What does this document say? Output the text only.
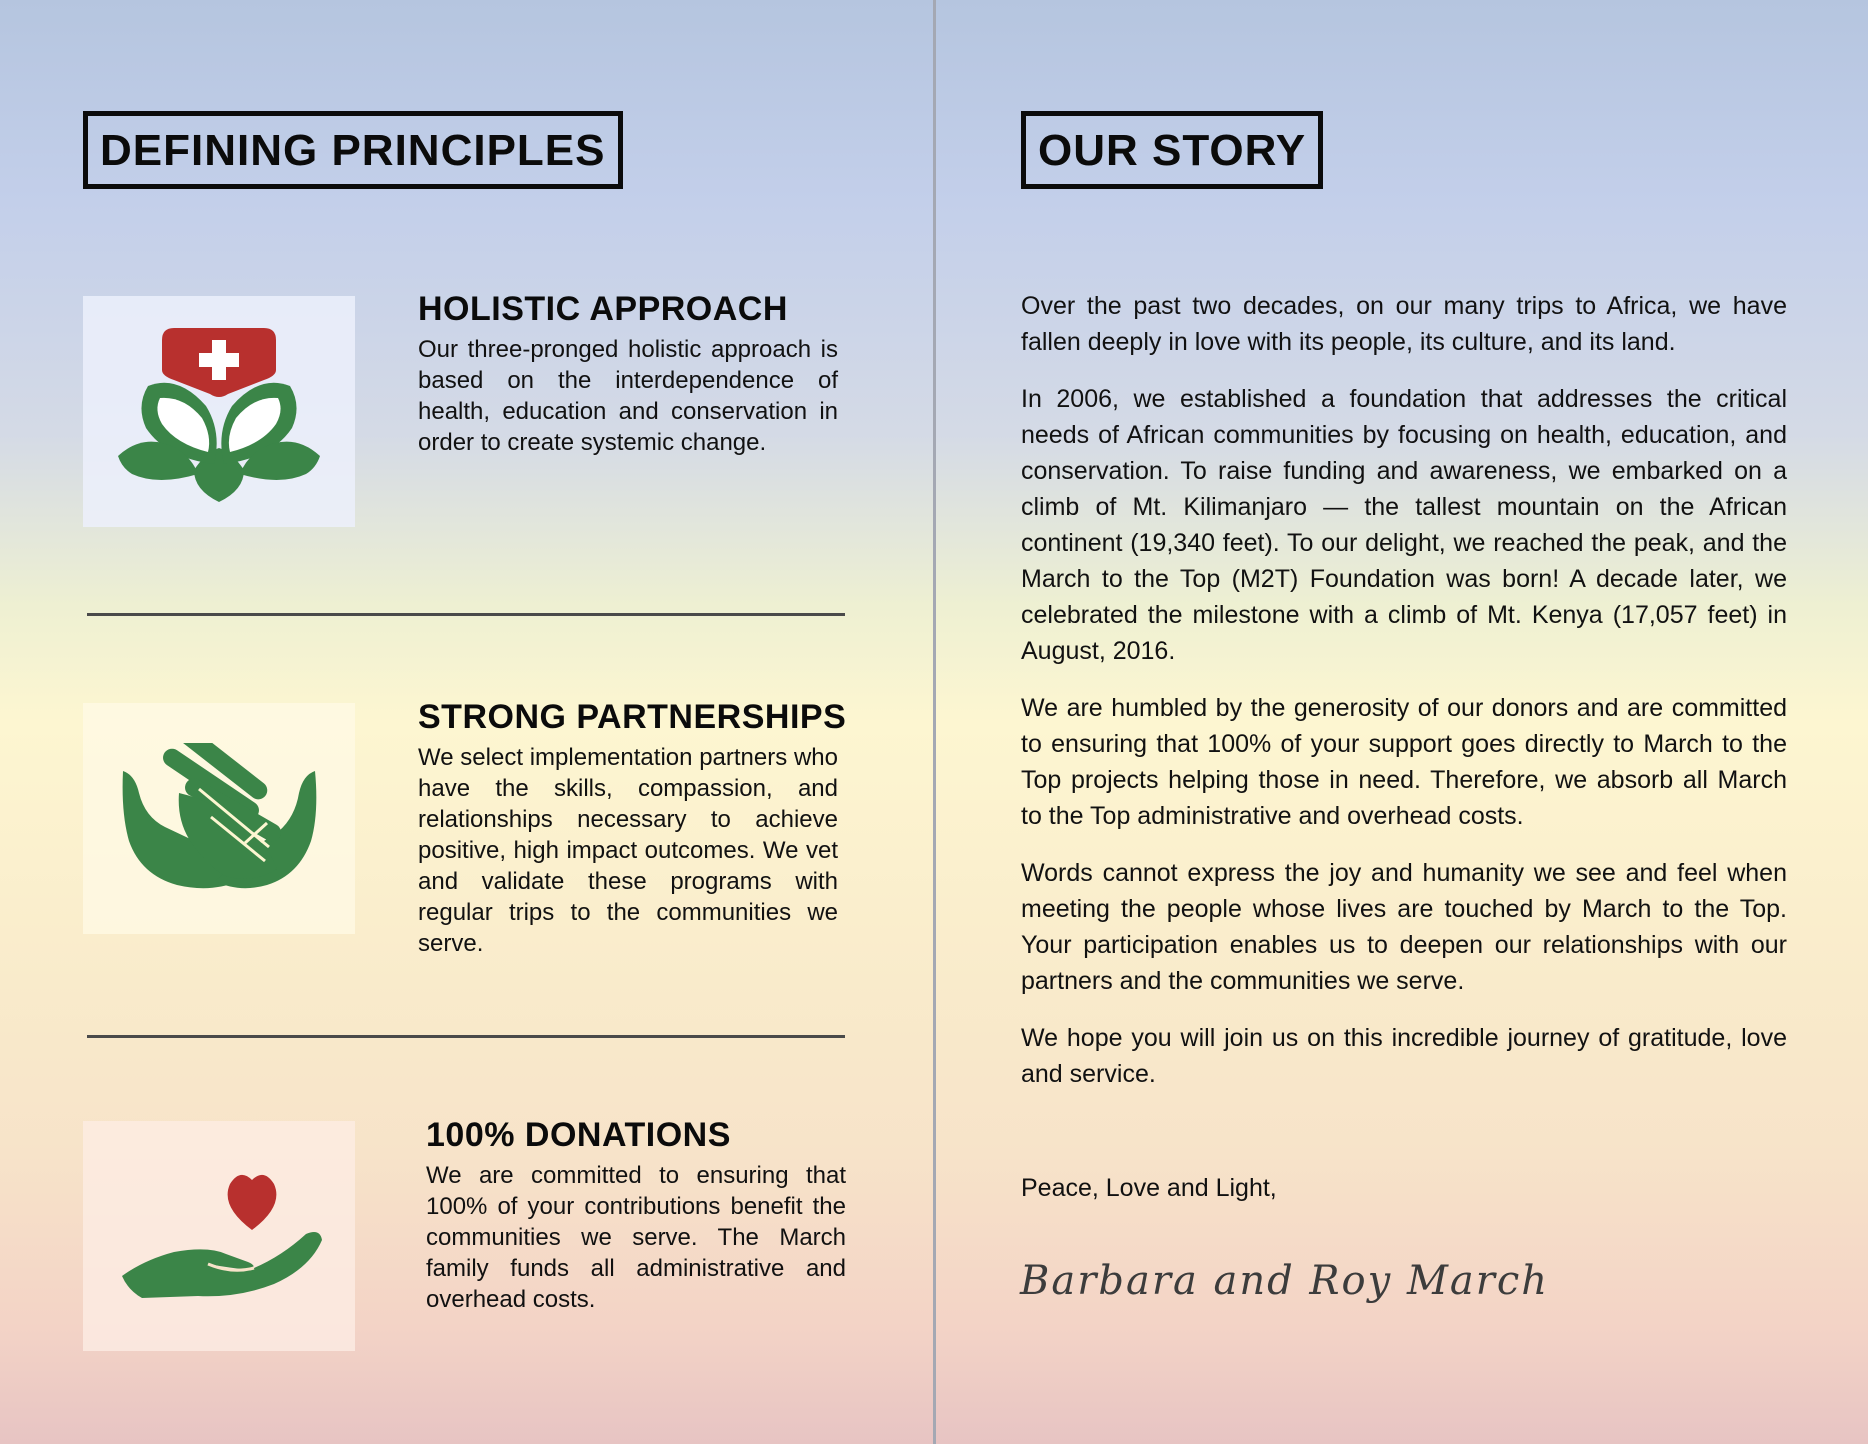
DEFINING PRINCIPLES
HOLISTIC APPROACH

Our three-pronged holistic approach is based on the interdependence of health, education and conservation in order to create systemic change.

STRONG PARTNERSHIPS

We select implementation partners who have the skills, compassion, and relationships necessary to achieve positive, high impact outcomes. We vet and validate these programs with regular trips to the communities we serve.

100% DONATIONS

We are committed to ensuring that 100% of your contributions benefit the communities we serve. The March family funds all administrative and overhead costs.

OUR STORY

Over the past two decades, on our many trips to Africa, we have fallen deeply in love with its people, its culture, and its land.

In 2006, we established a foundation that addresses the critical needs of African communities by focusing on health, education, and conservation. To raise funding and awareness, we embarked on a climb of Mt. Kilimanjaro — the tallest mountain on the African continent (19,340 feet). To our delight, we reached the peak, and the March to the Top (M2T) Foundation was born! A decade later, we celebrated the milestone with a climb of Mt. Kenya (17,057 feet) in August, 2016.

We are humbled by the generosity of our donors and are committed to ensuring that 100% of your support goes directly to March to the Top projects helping those in need. Therefore, we absorb all March to the Top administrative and overhead costs.

Words cannot express the joy and humanity we see and feel when meeting the people whose lives are touched by March to the Top. Your participation enables us to deepen our relationships with our partners and the communities we serve.

We hope you will join us on this incredible journey of gratitude, love and service.

Peace, Love and Light,
Barbara and Roy March
